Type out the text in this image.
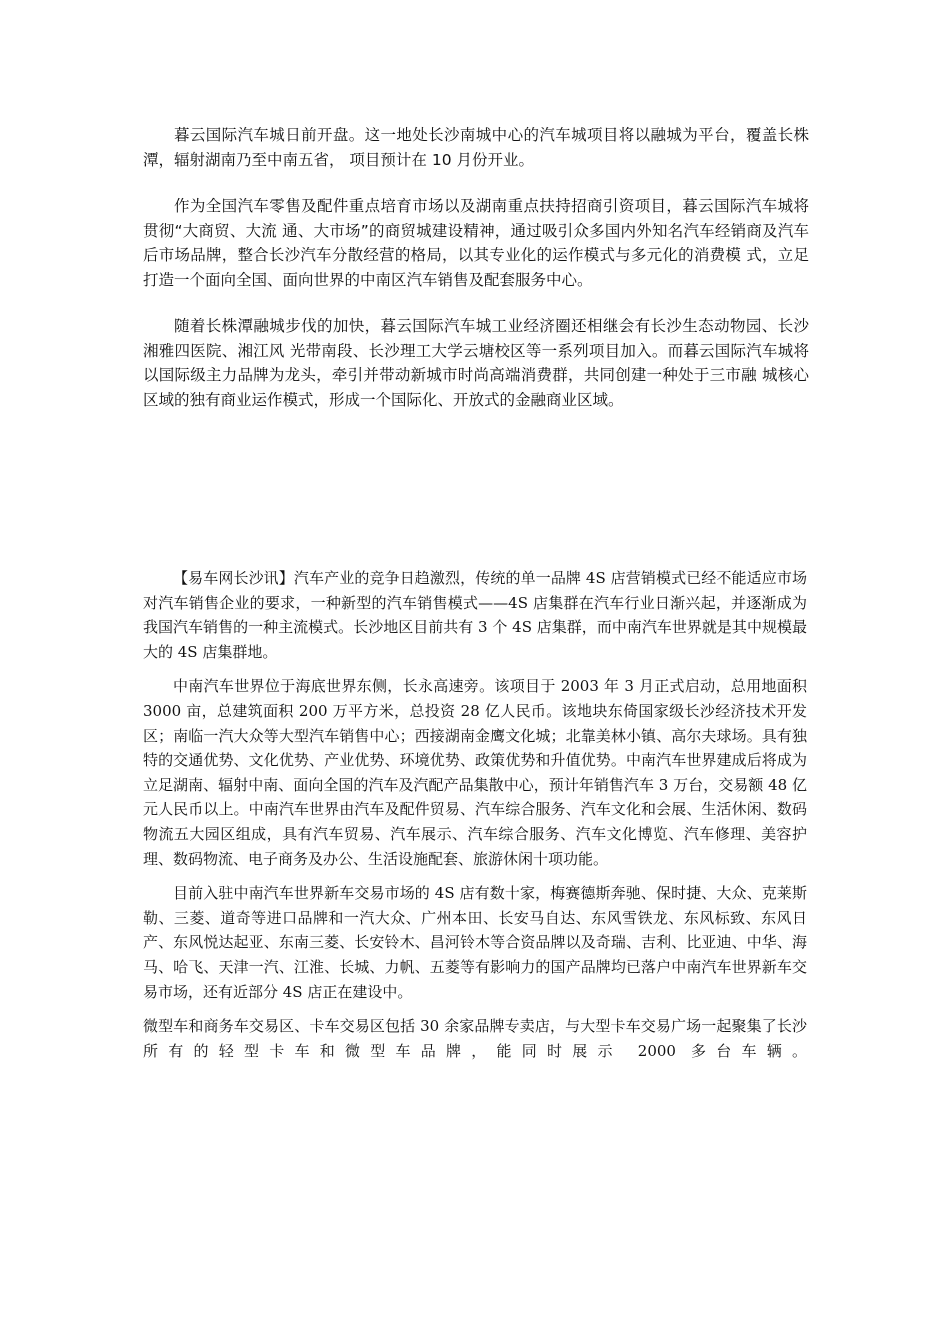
暮云国际汽车城日前开盘。这一地处长沙南城中心的汽车城项目将以融城为平台，覆盖长株潭，辐射湖南乃至中南五省， 项目预计在 10 月份开业。

作为全国汽车零售及配件重点培育市场以及湖南重点扶持招商引资项目，暮云国际汽车城将贯彻“大商贸、大流 通、大市场”的商贸城建设精神，通过吸引众多国内外知名汽车经销商及汽车后市场品牌，整合长沙汽车分散经营的格局，以其专业化的运作模式与多元化的消费模 式，立足打造一个面向全国、面向世界的中南区汽车销售及配套服务中心。

随着长株潭融城步伐的加快，暮云国际汽车城工业经济圈还相继会有长沙生态动物园、长沙湘雅四医院、湘江风 光带南段、长沙理工大学云塘校区等一系列项目加入。而暮云国际汽车城将以国际级主力品牌为龙头，牵引并带动新城市时尚高端消费群，共同创建一种处于三市融 城核心区域的独有商业运作模式，形成一个国际化、开放式的金融商业区域。

【易车网长沙讯】汽车产业的竞争日趋激烈，传统的单一品牌 4S 店营销模式已经不能适应市场对汽车销售企业的要求，一种新型的汽车销售模式——4S 店集群在汽车行业日渐兴起，并逐渐成为我国汽车销售的一种主流模式。长沙地区目前共有 3 个 4S 店集群，而中南汽车世界就是其中规模最大的 4S 店集群地。

中南汽车世界位于海底世界东侧，长永高速旁。该项目于 2003 年 3 月正式启动，总用地面积 3000 亩，总建筑面积 200 万平方米，总投资 28 亿人民币。该地块东倚国家级长沙经济技术开发区；南临一汽大众等大型汽车销售中心；西接湖南金鹰文化城；北靠美林小镇、高尔夫球场。具有独特的交通优势、文化优势、产业优势、环境优势、政策优势和升值优势。中南汽车世界建成后将成为立足湖南、辐射中南、面向全国的汽车及汽配产品集散中心，预计年销售汽车 3 万台，交易额 48 亿元人民币以上。中南汽车世界由汽车及配件贸易、汽车综合服务、汽车文化和会展、生活休闲、数码物流五大园区组成，具有汽车贸易、汽车展示、汽车综合服务、汽车文化博览、汽车修理、美容护理、数码物流、电子商务及办公、生活设施配套、旅游休闲十项功能。

目前入驻中南汽车世界新车交易市场的 4S 店有数十家，梅赛德斯奔驰、保时捷、大众、克莱斯勒、三菱、道奇等进口品牌和一汽大众、广州本田、长安马自达、东风雪铁龙、东风标致、东风日产、东风悦达起亚、东南三菱、长安铃木、昌河铃木等合资品牌以及奇瑞、吉利、比亚迪、中华、海马、哈飞、天津一汽、江淮、长城、力帆、五菱等有影响力的国产品牌均已落户中南汽车世界新车交易市场，还有近部分 4S 店正在建设中。

微型车和商务车交易区、卡车交易区包括 30 余家品牌专卖店，与大型卡车交易广场一起聚集了长沙所有的轻型卡车和微型车品牌，能同时展示 2000 多台车辆。
